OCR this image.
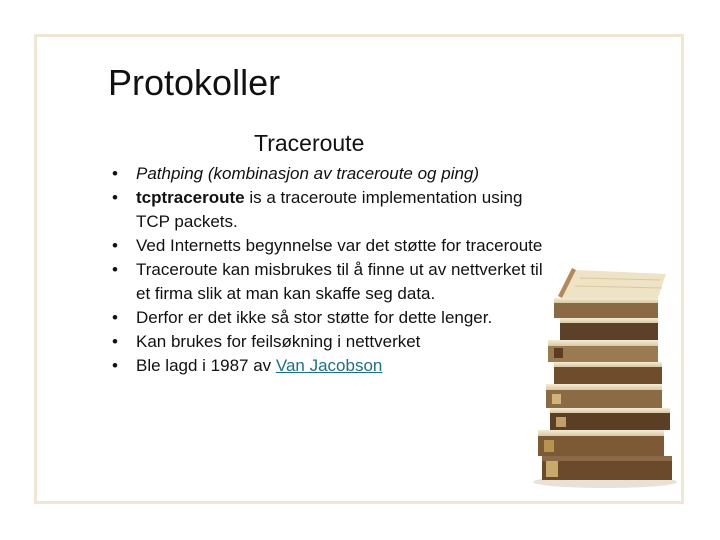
Protokoller
Traceroute
•	Pathping (kombinasjon av traceroute og ping)
•	tcptraceroute is a traceroute implementation using TCP packets.
•	Ved Internetts begynnelse var det støtte for traceroute
•	Traceroute kan misbrukes til å finne ut av nettverket til et firma slik at man kan skaffe seg data.
•	Derfor er det ikke så stor støtte for dette lenger.
•	Kan brukes for feilsøkning i nettverket
•	Ble lagd i 1987 av Van Jacobson
